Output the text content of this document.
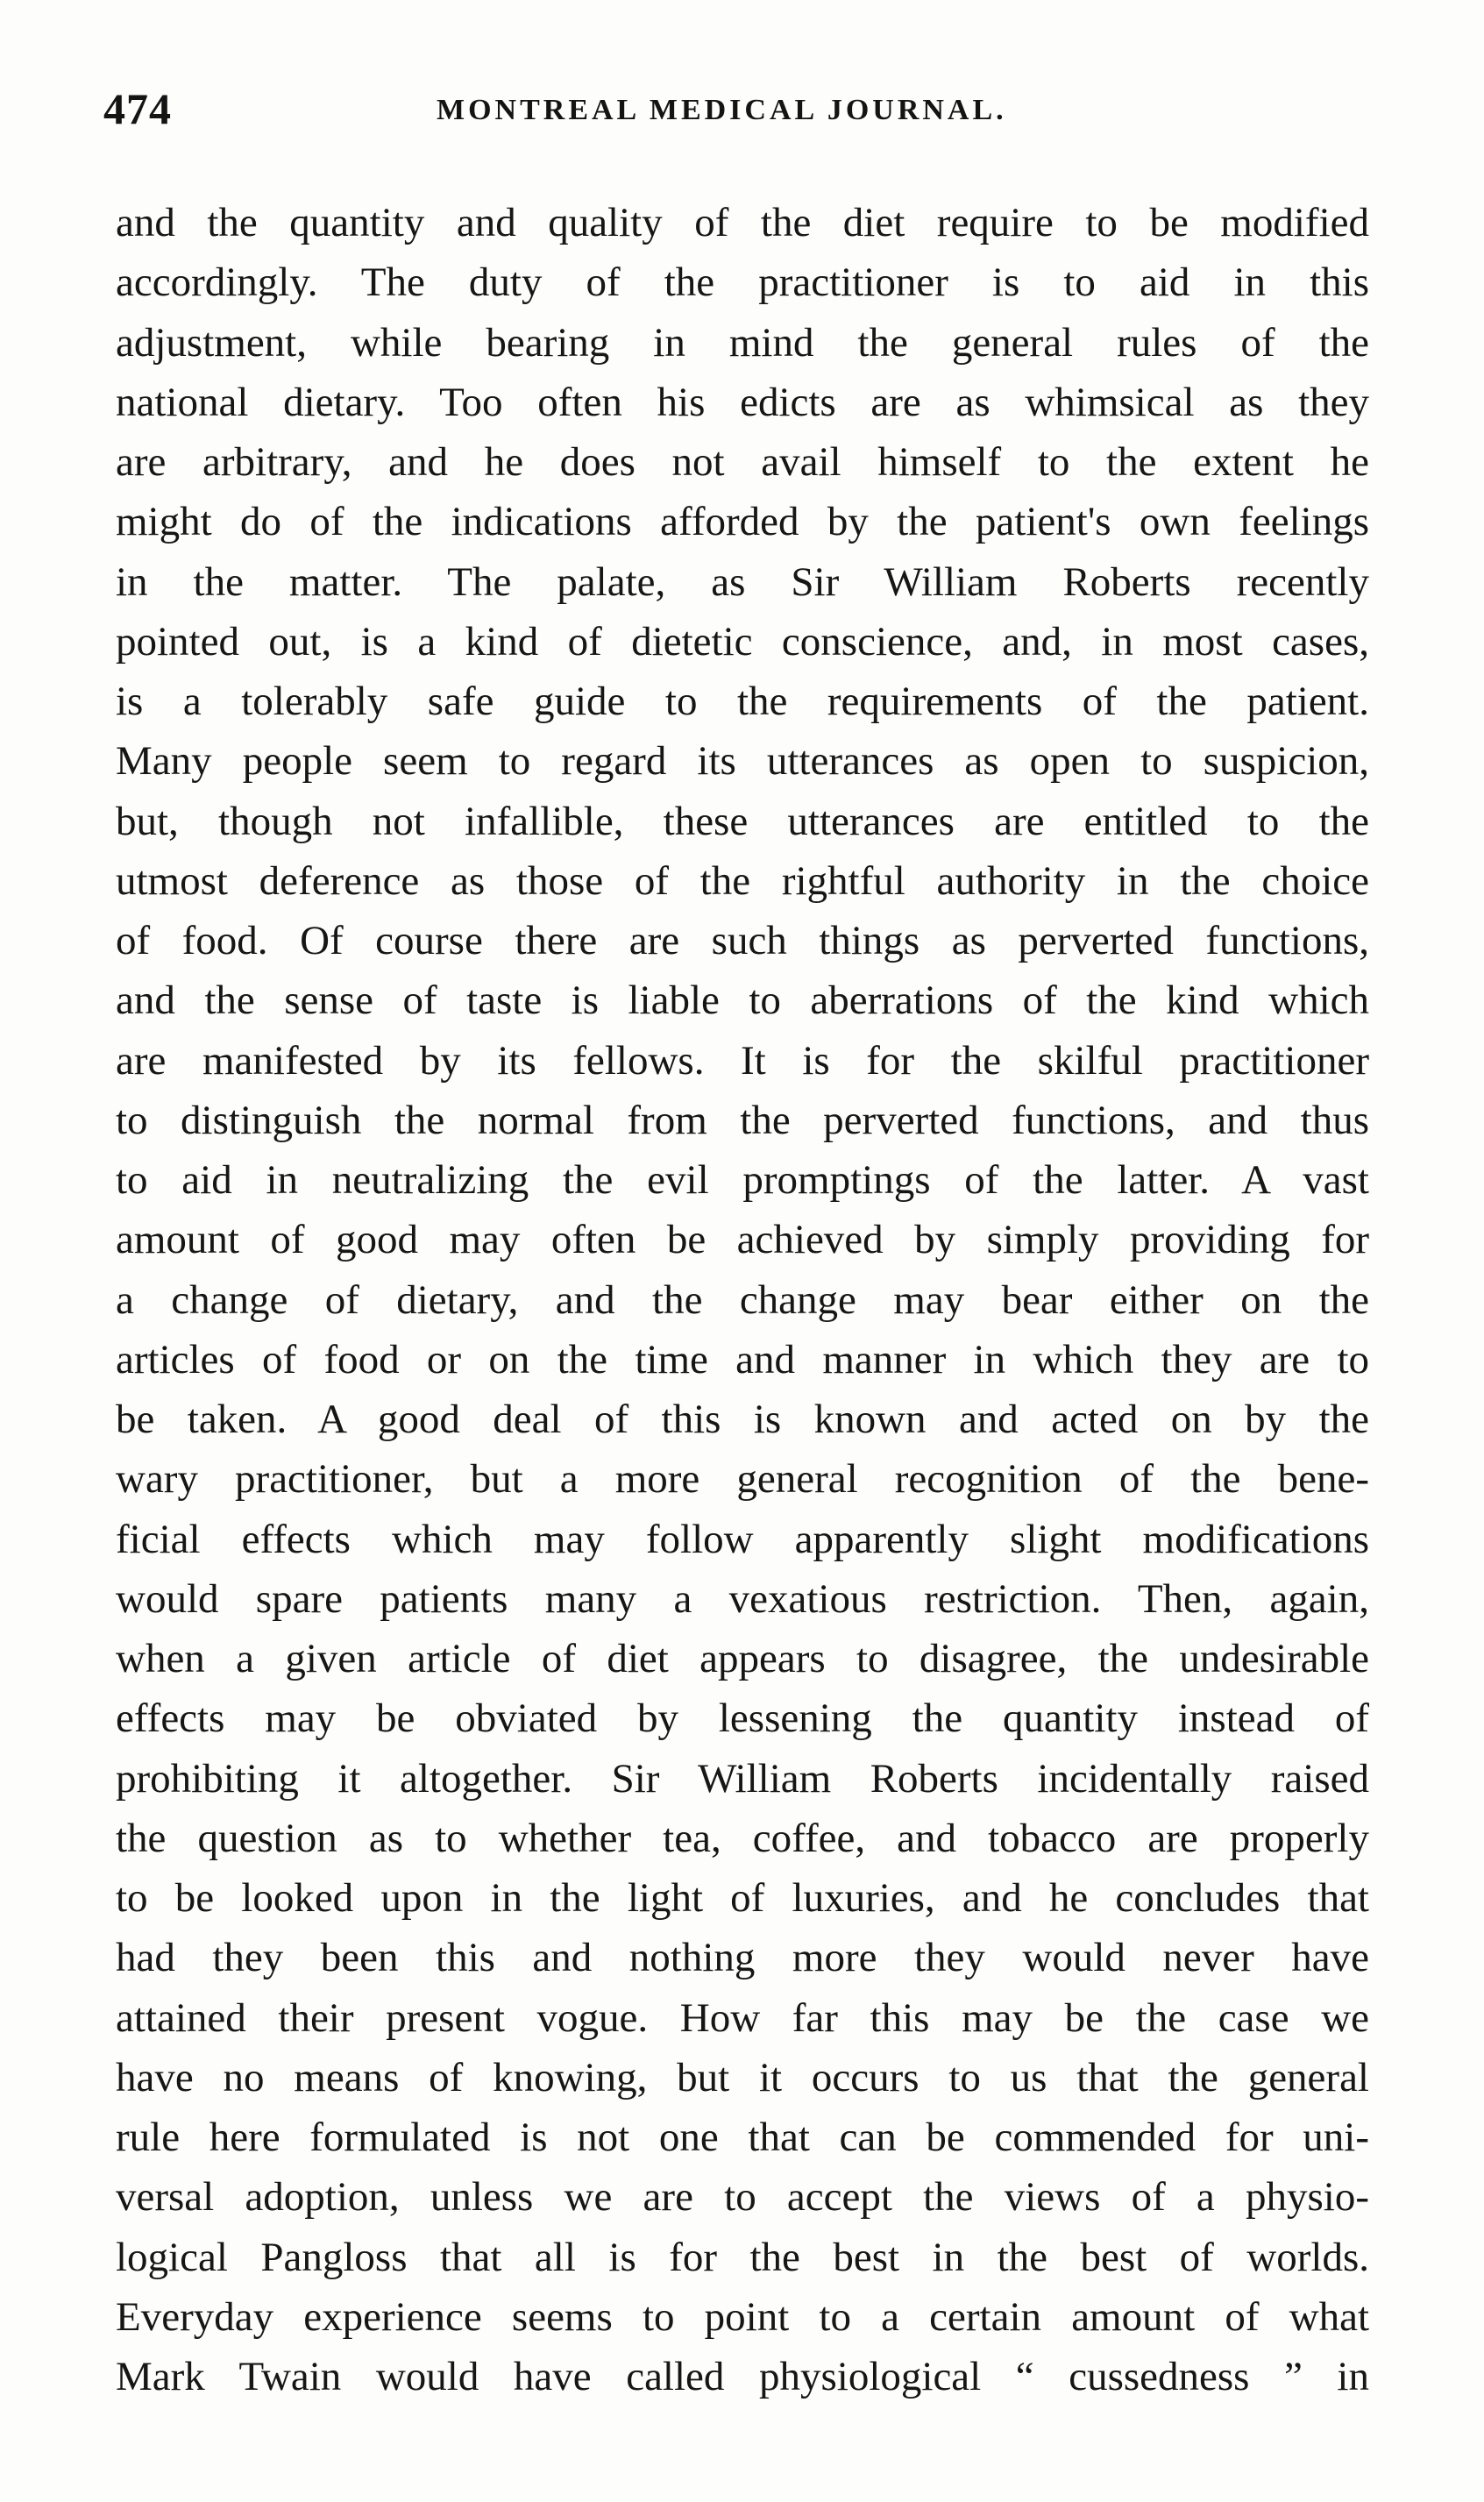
474	MONTREAL MEDICAL JOURNAL.
and the quantity and quality of the diet require to be modified
accordingly. The duty of the practitioner is to aid in this
adjustment, while bearing in mind the general rules of the
national dietary. Too often his edicts are as whimsical as they
are arbitrary, and he does not avail himself to the extent he
might do of the indications afforded by the patient's own feelings
in the matter. The palate, as Sir William Roberts recently
pointed out, is a kind of dietetic conscience, and, in most cases,
is a tolerably safe guide to the requirements of the patient.
Many people seem to regard its utterances as open to suspicion,
but, though not infallible, these utterances are entitled to the
utmost deference as those of the rightful authority in the choice
of food. Of course there are such things as perverted functions,
and the sense of taste is liable to aberrations of the kind which
are manifested by its fellows. It is for the skilful practitioner
to distinguish the normal from the perverted functions, and thus
to aid in neutralizing the evil promptings of the latter. A vast
amount of good may often be achieved by simply providing for
a change of dietary, and the change may bear either on the
articles of food or on the time and manner in which they are to
be taken. A good deal of this is known and acted on by the
wary practitioner, but a more general recognition of the bene-
ficial effects which may follow apparently slight modifications
would spare patients many a vexatious restriction. Then, again,
when a given article of diet appears to disagree, the undesirable
effects may be obviated by lessening the quantity instead of
prohibiting it altogether. Sir William Roberts incidentally raised
the question as to whether tea, coffee, and tobacco are properly
to be looked upon in the light of luxuries, and he concludes that
had they been this and nothing more they would never have
attained their present vogue. How far this may be the case we
have no means of knowing, but it occurs to us that the general
rule here formulated is not one that can be commended for uni-
versal adoption, unless we are to accept the views of a physio-
logical Pangloss that all is for the best in the best of worlds.
Everyday experience seems to point to a certain amount of what
Mark Twain would have called physiological “ cussedness ” in
